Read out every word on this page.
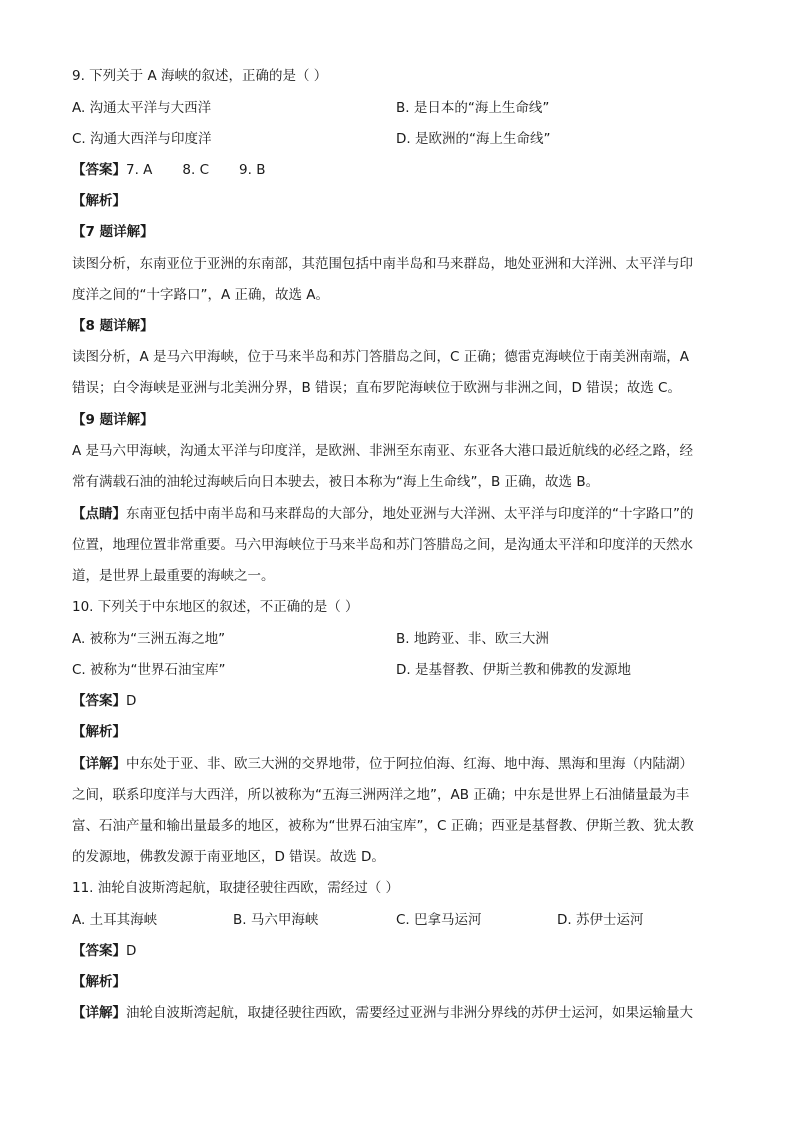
9. 下列关于 A 海峡的叙述，正确的是（ ）
A. 沟通太平洋与大西洋	B. 是日本的“海上生命线”
C. 沟通大西洋与印度洋	D. 是欧洲的“海上生命线”
【答案】7. A 8. C 9. B
【解析】
【7 题详解】
读图分析，东南亚位于亚洲的东南部，其范围包括中南半岛和马来群岛，地处亚洲和大洋洲、太平洋与印
度洋之间的“十字路口”，A 正确，故选 A。
【8 题详解】
读图分析，A 是马六甲海峡，位于马来半岛和苏门答腊岛之间，C 正确；德雷克海峡位于南美洲南端，A
错误；白令海峡是亚洲与北美洲分界，B 错误；直布罗陀海峡位于欧洲与非洲之间，D 错误；故选 C。
【9 题详解】
A 是马六甲海峡，沟通太平洋与印度洋，是欧洲、非洲至东南亚、东亚各大港口最近航线的必经之路，经
常有满载石油的油轮过海峡后向日本驶去，被日本称为“海上生命线”，B 正确，故选 B。
【点睛】东南亚包括中南半岛和马来群岛的大部分，地处亚洲与大洋洲、太平洋与印度洋的“十字路口”的
位置，地理位置非常重要。马六甲海峡位于马来半岛和苏门答腊岛之间，是沟通太平洋和印度洋的天然水
道，是世界上最重要的海峡之一。
10. 下列关于中东地区的叙述，不正确的是（ ）
A. 被称为“三洲五海之地”	B. 地跨亚、非、欧三大洲
C. 被称为“世界石油宝库”	D. 是基督教、伊斯兰教和佛教的发源地
【答案】D
【解析】
【详解】中东处于亚、非、欧三大洲的交界地带，位于阿拉伯海、红海、地中海、黑海和里海（内陆湖）
之间，联系印度洋与大西洋，所以被称为“五海三洲两洋之地”，AB 正确；中东是世界上石油储量最为丰
富、石油产量和输出量最多的地区，被称为“世界石油宝库”，C 正确；西亚是基督教、伊斯兰教、犹太教
的发源地，佛教发源于南亚地区，D 错误。故选 D。
11. 油轮自波斯湾起航，取捷径驶往西欧，需经过（ ）
A. 土耳其海峡	B. 马六甲海峡	C. 巴拿马运河	D. 苏伊士运河
【答案】D
【解析】
【详解】油轮自波斯湾起航，取捷径驶往西欧，需要经过亚洲与非洲分界线的苏伊士运河，如果运输量大
